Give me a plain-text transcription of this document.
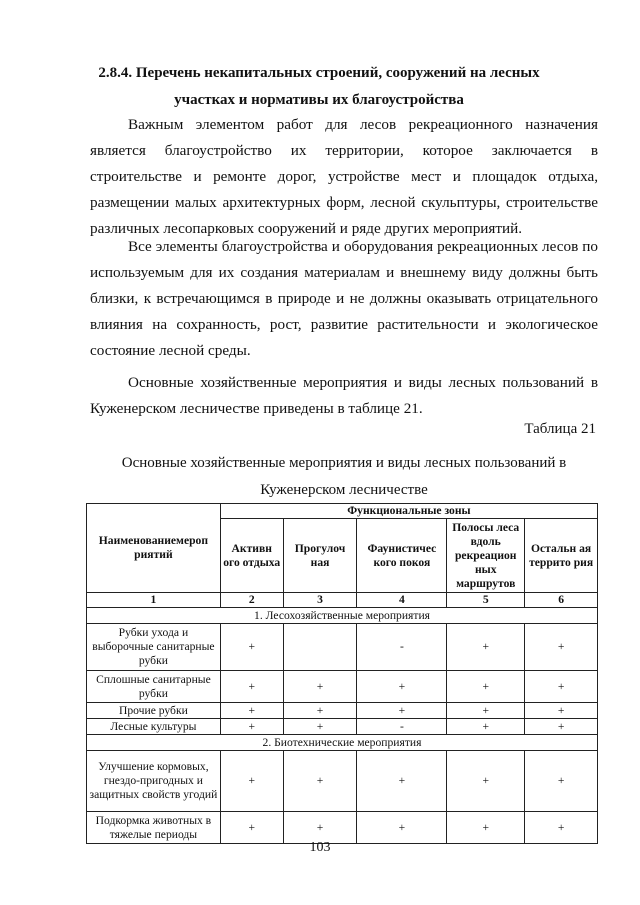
2.8.4. Перечень некапитальных строений, сооружений на лесных
участках и нормативы их благоустройства
Важным элементом работ для лесов рекреационного назначения является благоустройство их территории, которое заключается в строительстве и ремонте дорог, устройстве мест и площадок отдыха, размещении малых архитектурных форм, лесной скульптуры, строительстве различных лесопарковых сооружений и ряде других мероприятий.
Все элементы благоустройства и оборудования рекреационных лесов по используемым для их создания материалам и внешнему виду должны быть близки, к встречающимся в природе и не должны оказывать отрицательного влияния на сохранность, рост, развитие растительности и экологическое состояние лесной среды.
Основные хозяйственные мероприятия и виды лесных пользований в Куженерском лесничестве приведены в таблице 21.
Таблица 21
Основные хозяйственные мероприятия и виды лесных пользований в
Куженерском лесничестве
Наименованиемероп риятий	Функциональные зоны				
	Активн ого отдыха	Прогулоч ная	Фаунистичес кого покоя	Полосы леса вдоль рекреацион ных маршрутов	Остальн ая террито рия
1	2	3	4	5	6
1. Лесохозяйственные мероприятия					
Рубки ухода и выборочные санитарные рубки	+		-	+	+
Сплошные санитарные рубки	+	+	+	+	+
Прочие рубки	+	+	+	+	+
Лесные культуры	+	+	-	+	+
2. Биотехнические мероприятия					
Улучшение кормовых, гнездо-пригодных и защитных свойств угодий	+	+	+	+	+
Подкормка животных в тяжелые периоды	+	+	+	+	+
103
